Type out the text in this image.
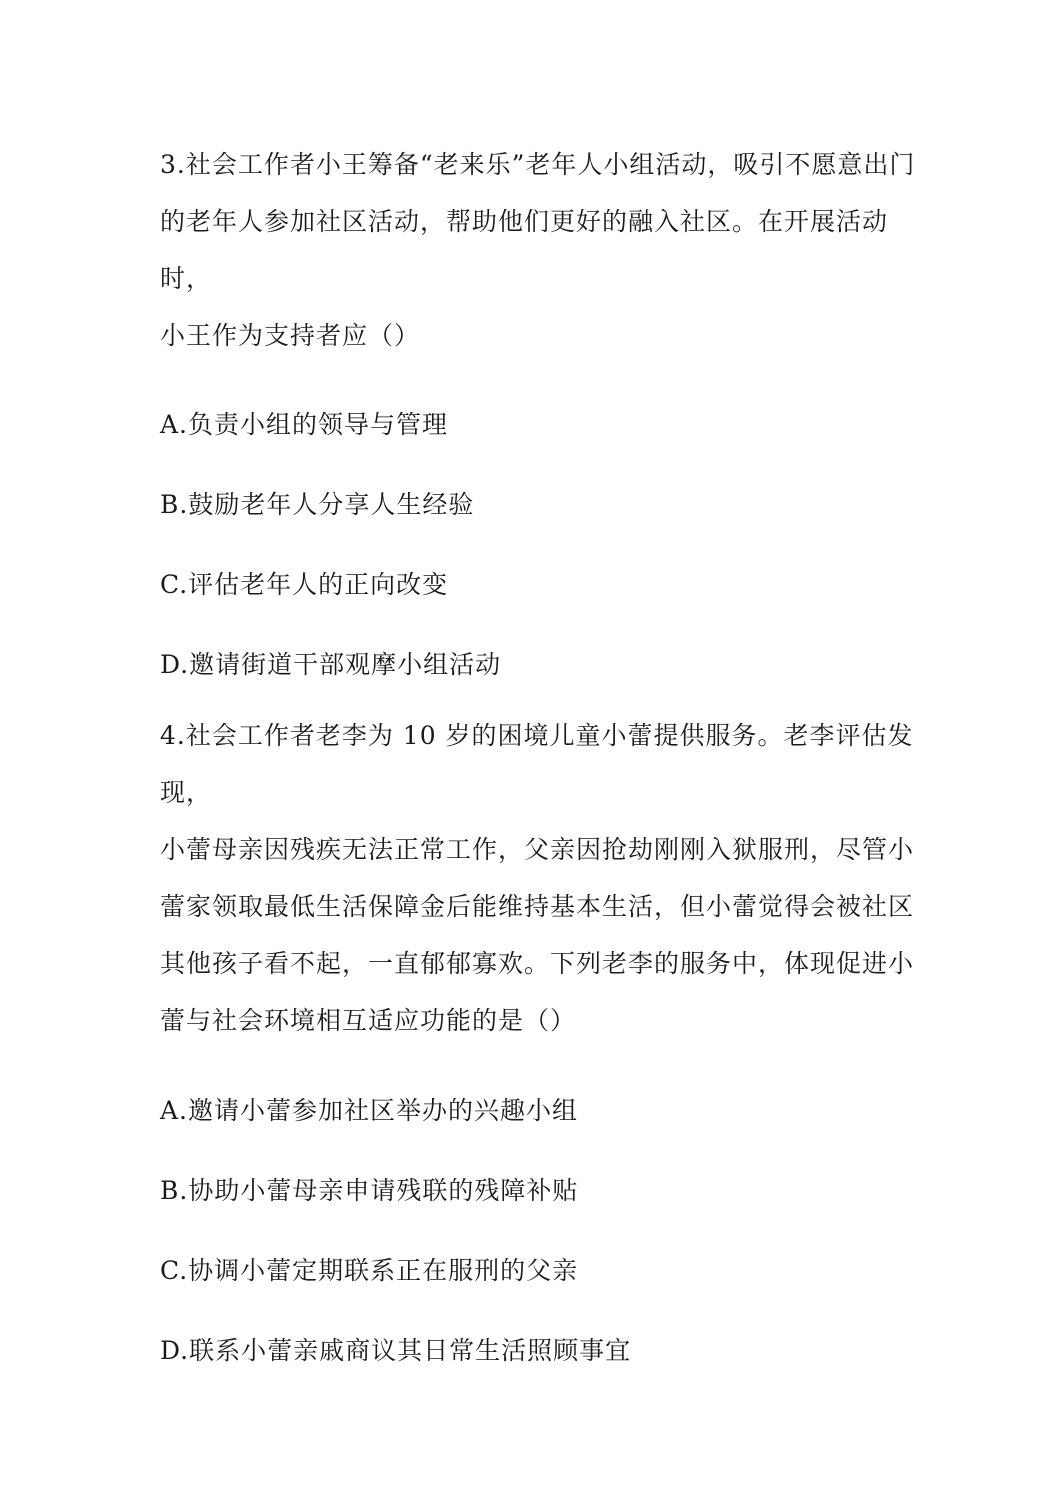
3.社会工作者小王筹备“老来乐”老年人小组活动，吸引不愿意出门
的老年人参加社区活动，帮助他们更好的融入社区。在开展活动时，
小王作为支持者应（）
A.负责小组的领导与管理
B.鼓励老年人分享人生经验
C.评估老年人的正向改变
D.邀请街道干部观摩小组活动
4.社会工作者老李为 10 岁的困境儿童小蕾提供服务。老李评估发现，
小蕾母亲因残疾无法正常工作，父亲因抢劫刚刚入狱服刑，尽管小
蕾家领取最低生活保障金后能维持基本生活，但小蕾觉得会被社区
其他孩子看不起，一直郁郁寡欢。下列老李的服务中，体现促进小
蕾与社会环境相互适应功能的是（）
A.邀请小蕾参加社区举办的兴趣小组
B.协助小蕾母亲申请残联的残障补贴
C.协调小蕾定期联系正在服刑的父亲
D.联系小蕾亲戚商议其日常生活照顾事宜
